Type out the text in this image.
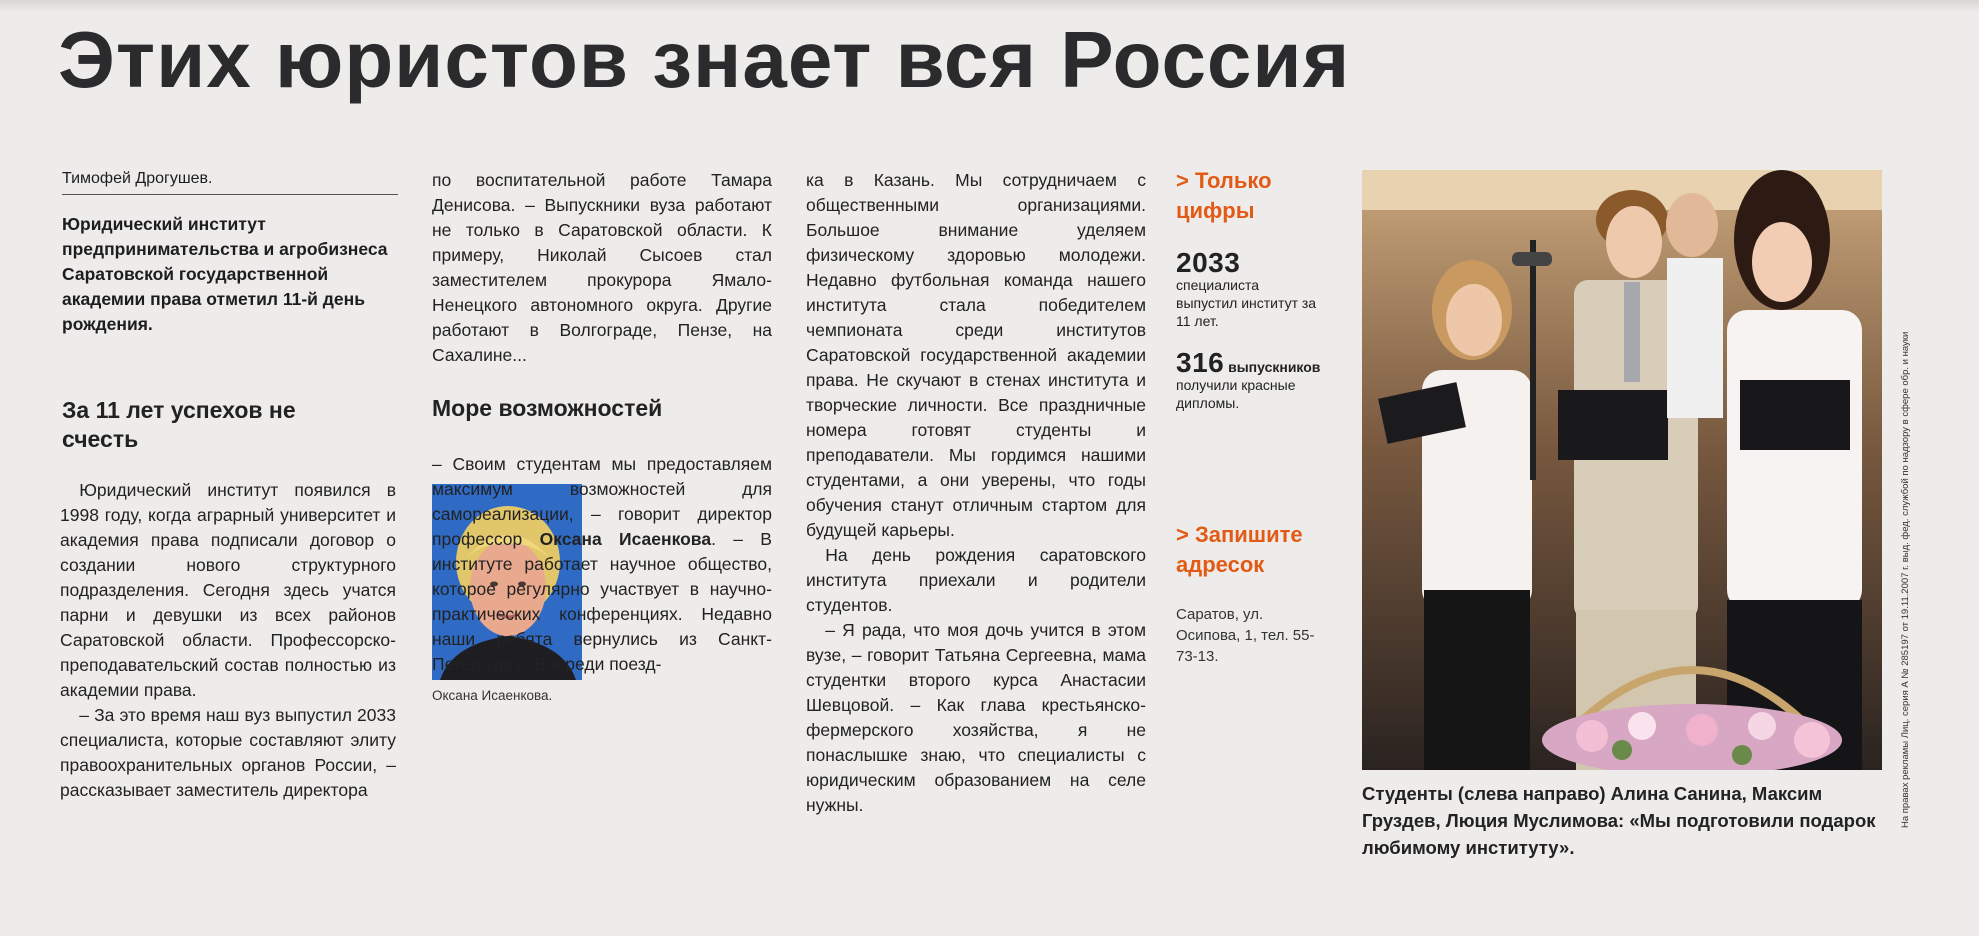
Этих юристов знает вся Россия
Тимофей Дрогушев.
Юридический институт предпринимательства и агробизнеса Саратовской государственной академии права отметил 11-й день рождения.
За 11 лет успехов не счесть

Юридический институт появился в 1998 году, когда аграрный университет и академия права подписали договор о создании нового структурного подразделения. Сегодня здесь учатся парни и девушки из всех районов Саратовской области. Профессорско-преподавательский состав полностью из академии права.

– За это время наш вуз выпустил 2033 специалиста, которые составляют элиту правоохранительных органов России, – рассказывает заместитель директора

по воспитательной работе Тамара Денисова. – Выпускники вуза работают не только в Саратовской области. К примеру, Николай Сысоев стал заместителем прокурора Ямало-Ненецкого автономного округа. Другие работают в Волгограде, Пензе, на Сахалине...

Море возможностей
Оксана Исаенкова.

– Своим студентам мы предоставляем максимум возможностей для самореализации, – говорит директор профессор Оксана Исаенкова. – В институте работает научное общество, которое регулярно участвует в научно-практических конференциях. Недавно наши ребята вернулись из Санкт-Петербурга. Впереди поезд-

ка в Казань. Мы сотрудничаем с общественными организациями. Большое внимание уделяем физическому здоровью молодежи. Недавно футбольная команда нашего института стала победителем чемпионата среди институтов Саратовской государственной академии права. Не скучают в стенах института и творческие личности. Все праздничные номера готовят студенты и преподаватели. Мы гордимся нашими студентами, а они уверены, что годы обучения станут отличным стартом для будущей карьеры.

На день рождения саратовского института приехали и родители студентов.

– Я рада, что моя дочь учится в этом вузе, – говорит Татьяна Сергеевна, мама студентки второго курса Анастасии Шевцовой. – Как глава крестьянско-фермерского хозяйства, я не понаслышке знаю, что специалисты с юридическим образованием на селе нужны.

> Только цифры
2033 специалиста выпустил институт за 11 лет.
316 выпускников получили красные дипломы.
> Запишите адресок
Саратов, ул. Осипова, 1, тел. 55-73-13.
Студенты (слева направо) Алина Санина, Максим Груздев, Люция Муслимова: «Мы подготовили подарок любимому институту».
На правах рекламы Лиц. серия А № 285197 от 19.11.2007 г. выд. фед. службой по надзору в сфере обр. и науки
